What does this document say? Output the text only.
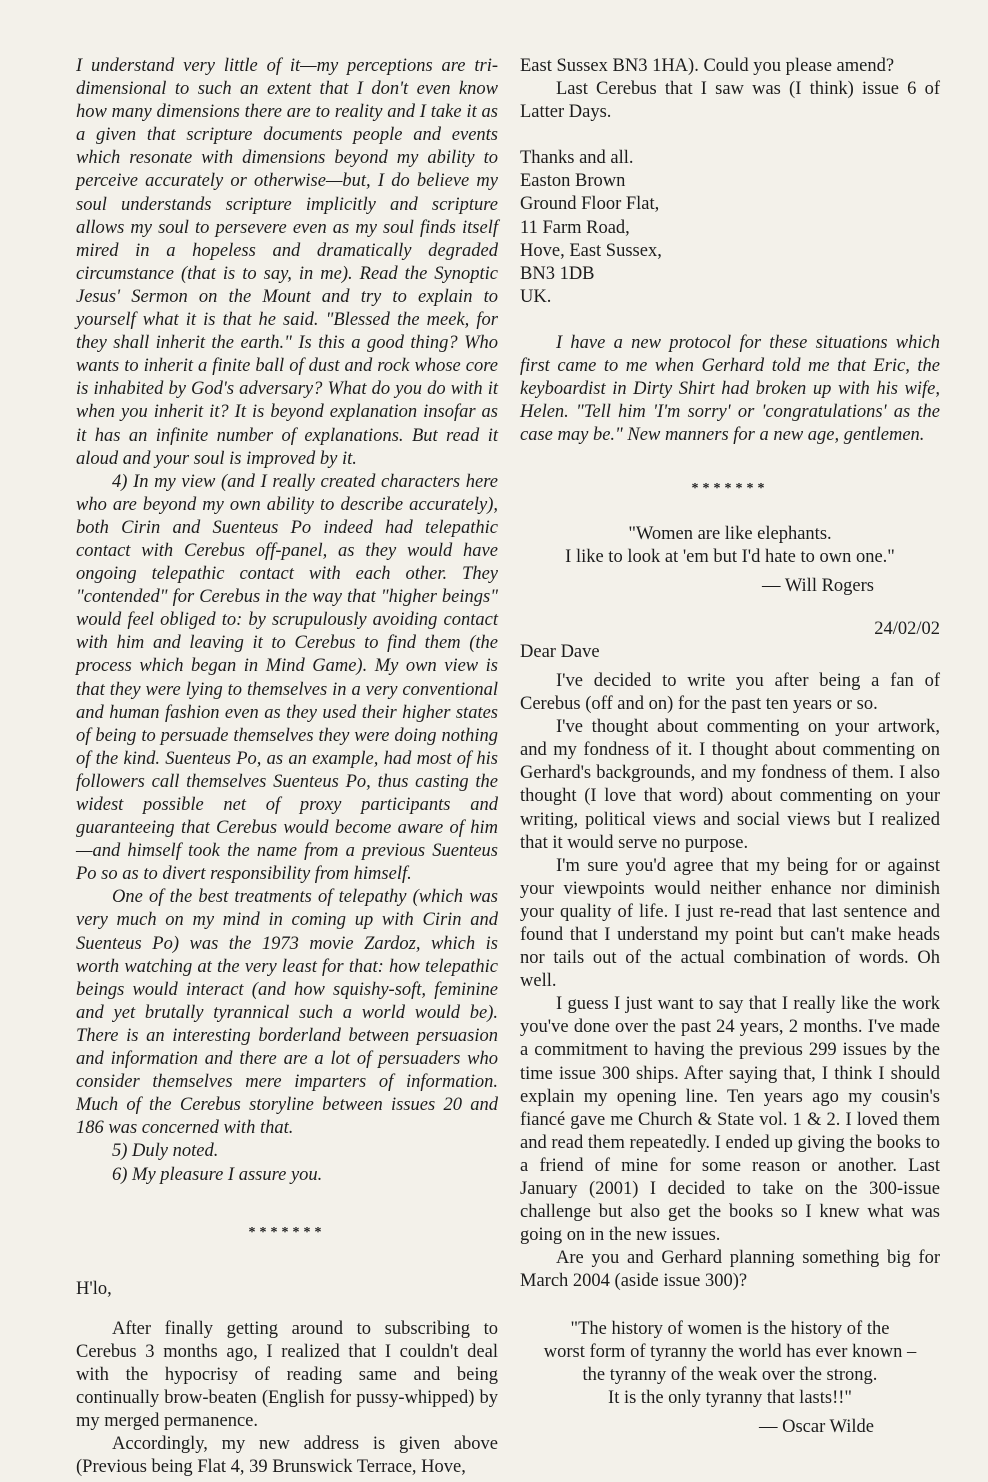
I understand very little of it—my perceptions are tri-dimensional to such an extent that I don't even know how many dimensions there are to reality and I take it as a given that scripture documents people and events which resonate with dimensions beyond my ability to perceive accurately or otherwise—but, I do believe my soul understands scripture implicitly and scripture allows my soul to persevere even as my soul finds itself mired in a hopeless and dramatically degraded circumstance (that is to say, in me). Read the Synoptic Jesus' Sermon on the Mount and try to explain to yourself what it is that he said. "Blessed the meek, for they shall inherit the earth." Is this a good thing? Who wants to inherit a finite ball of dust and rock whose core is inhabited by God's adversary? What do you do with it when you inherit it? It is beyond explanation insofar as it has an infinite number of explanations. But read it aloud and your soul is improved by it.

4) In my view (and I really created characters here who are beyond my own ability to describe accurately), both Cirin and Suenteus Po indeed had telepathic contact with Cerebus off-panel, as they would have ongoing telepathic contact with each other. They "contended" for Cerebus in the way that "higher beings" would feel obliged to: by scrupulously avoiding contact with him and leaving it to Cerebus to find them (the process which began in Mind Game). My own view is that they were lying to themselves in a very conventional and human fashion even as they used their higher states of being to persuade themselves they were doing nothing of the kind. Suenteus Po, as an example, had most of his followers call themselves Suenteus Po, thus casting the widest possible net of proxy participants and guaranteeing that Cerebus would become aware of him—and himself took the name from a previous Suenteus Po so as to divert responsibility from himself.

One of the best treatments of telepathy (which was very much on my mind in coming up with Cirin and Suenteus Po) was the 1973 movie Zardoz, which is worth watching at the very least for that: how telepathic beings would interact (and how squishy-soft, feminine and yet brutally tyrannical such a world would be). There is an interesting borderland between persuasion and information and there are a lot of persuaders who consider themselves mere imparters of information. Much of the Cerebus storyline between issues 20 and 186 was concerned with that.

5) Duly noted.

6) My pleasure I assure you.

*******

H'lo,

After finally getting around to subscribing to Cerebus 3 months ago, I realized that I couldn't deal with the hypocrisy of reading same and being continually brow-beaten (English for pussy-whipped) by my merged permanence.

Accordingly, my new address is given above (Previous being Flat 4, 39 Brunswick Terrace, Hove,

East Sussex BN3 1HA). Could you please amend?

Last Cerebus that I saw was (I think) issue 6 of Latter Days.

Thanks and all.

Easton Brown

Ground Floor Flat,

11 Farm Road,

Hove, East Sussex,

BN3 1DB

UK.

I have a new protocol for these situations which first came to me when Gerhard told me that Eric, the keyboardist in Dirty Shirt had broken up with his wife, Helen. "Tell him 'I'm sorry' or 'congratulations' as the case may be." New manners for a new age, gentlemen.

*******

"Women are like elephants.

I like to look at 'em but I'd hate to own one."

— Will Rogers

24/02/02

Dear Dave

I've decided to write you after being a fan of Cerebus (off and on) for the past ten years or so.

I've thought about commenting on your artwork, and my fondness of it. I thought about commenting on Gerhard's backgrounds, and my fondness of them. I also thought (I love that word) about commenting on your writing, political views and social views but I realized that it would serve no purpose.

I'm sure you'd agree that my being for or against your viewpoints would neither enhance nor diminish your quality of life. I just re-read that last sentence and found that I understand my point but can't make heads nor tails out of the actual combination of words. Oh well.

I guess I just want to say that I really like the work you've done over the past 24 years, 2 months. I've made a commitment to having the previous 299 issues by the time issue 300 ships. After saying that, I think I should explain my opening line. Ten years ago my cousin's fiancé gave me Church & State vol. 1 & 2. I loved them and read them repeatedly. I ended up giving the books to a friend of mine for some reason or another. Last January (2001) I decided to take on the 300-issue challenge but also get the books so I knew what was going on in the new issues.

Are you and Gerhard planning something big for March 2004 (aside issue 300)?

"The history of women is the history of the

worst form of tyranny the world has ever known –

the tyranny of the weak over the strong.

It is the only tyranny that lasts!!"

— Oscar Wilde
